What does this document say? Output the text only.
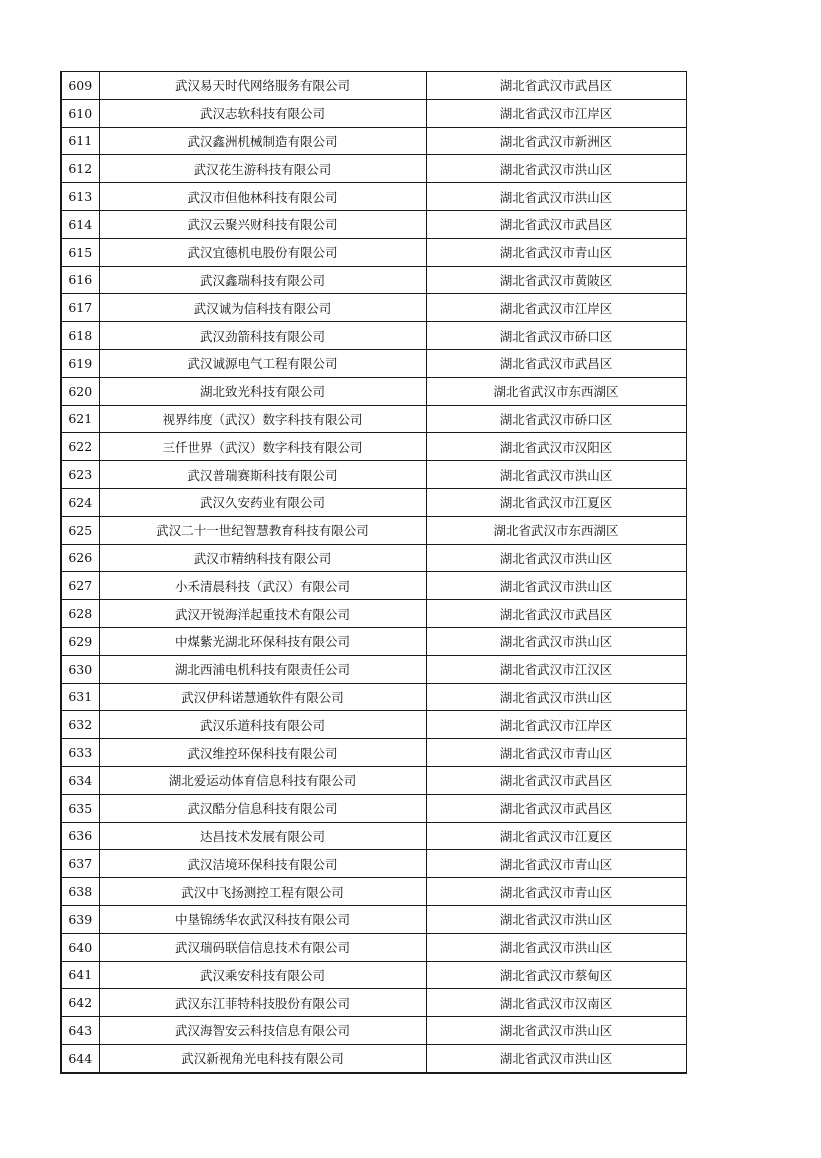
609	武汉易天时代网络服务有限公司	湖北省武汉市武昌区
610	武汉志软科技有限公司	湖北省武汉市江岸区
611	武汉鑫洲机械制造有限公司	湖北省武汉市新洲区
612	武汉花生游科技有限公司	湖北省武汉市洪山区
613	武汉市但他林科技有限公司	湖北省武汉市洪山区
614	武汉云聚兴财科技有限公司	湖北省武汉市武昌区
615	武汉宜德机电股份有限公司	湖北省武汉市青山区
616	武汉鑫瑞科技有限公司	湖北省武汉市黄陂区
617	武汉诚为信科技有限公司	湖北省武汉市江岸区
618	武汉劲箭科技有限公司	湖北省武汉市硚口区
619	武汉诚源电气工程有限公司	湖北省武汉市武昌区
620	湖北致光科技有限公司	湖北省武汉市东西湖区
621	视界纬度（武汉）数字科技有限公司	湖北省武汉市硚口区
622	三仟世界（武汉）数字科技有限公司	湖北省武汉市汉阳区
623	武汉普瑞赛斯科技有限公司	湖北省武汉市洪山区
624	武汉久安药业有限公司	湖北省武汉市江夏区
625	武汉二十一世纪智慧教育科技有限公司	湖北省武汉市东西湖区
626	武汉市精纳科技有限公司	湖北省武汉市洪山区
627	小禾清晨科技（武汉）有限公司	湖北省武汉市洪山区
628	武汉开锐海洋起重技术有限公司	湖北省武汉市武昌区
629	中煤紫光湖北环保科技有限公司	湖北省武汉市洪山区
630	湖北西浦电机科技有限责任公司	湖北省武汉市江汉区
631	武汉伊科诺慧通软件有限公司	湖北省武汉市洪山区
632	武汉乐道科技有限公司	湖北省武汉市江岸区
633	武汉维控环保科技有限公司	湖北省武汉市青山区
634	湖北爱运动体育信息科技有限公司	湖北省武汉市武昌区
635	武汉酷分信息科技有限公司	湖北省武汉市武昌区
636	达昌技术发展有限公司	湖北省武汉市江夏区
637	武汉洁境环保科技有限公司	湖北省武汉市青山区
638	武汉中飞扬测控工程有限公司	湖北省武汉市青山区
639	中垦锦绣华农武汉科技有限公司	湖北省武汉市洪山区
640	武汉瑞码联信信息技术有限公司	湖北省武汉市洪山区
641	武汉乘安科技有限公司	湖北省武汉市蔡甸区
642	武汉东江菲特科技股份有限公司	湖北省武汉市汉南区
643	武汉海智安云科技信息有限公司	湖北省武汉市洪山区
644	武汉新视角光电科技有限公司	湖北省武汉市洪山区
